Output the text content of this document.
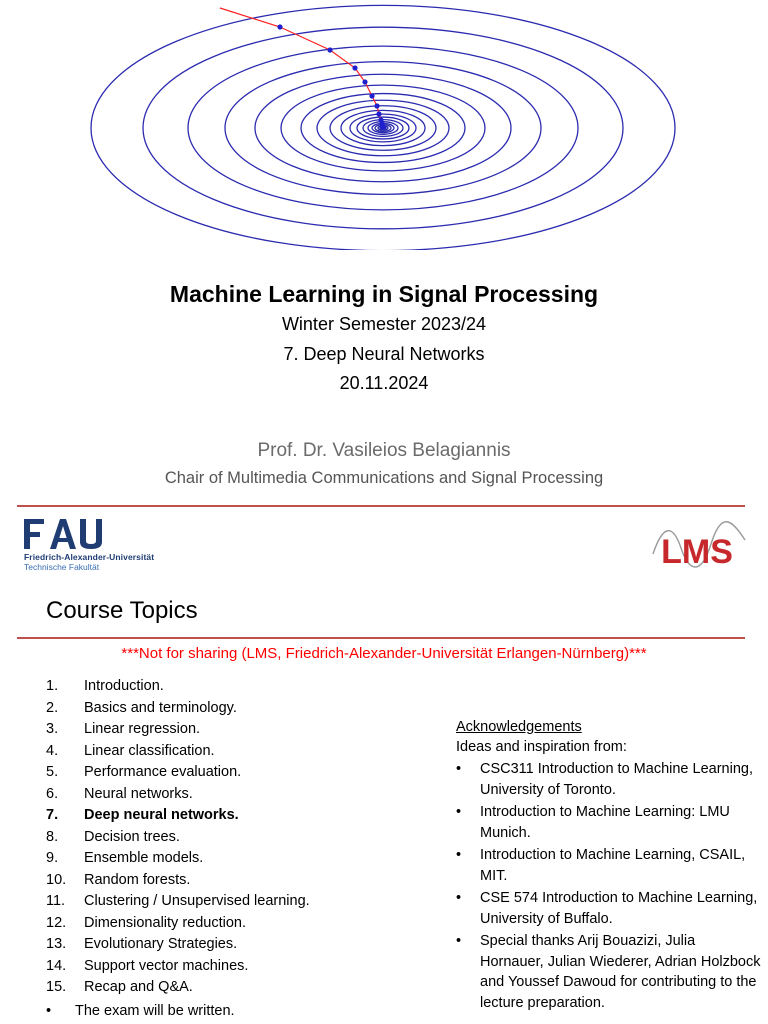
Machine Learning in Signal Processing
Winter Semester 2023/24
7. Deep Neural Networks
20.11.2024
Prof. Dr. Vasileios Belagiannis
Chair of Multimedia Communications and Signal Processing
Friedrich-Alexander-Universität
Technische Fakultät	LMS
Course Topics
***Not for sharing (LMS, Friedrich-Alexander-Universität Erlangen-Nürnberg)***
1.	Introduction.
2.	Basics and terminology.
3.	Linear regression.
4.	Linear classification.
5.	Performance evaluation.
6.	Neural networks.
7.	Deep neural networks.
8.	Decision trees.
9.	Ensemble models.
10.	Random forests.
11.	Clustering / Unsupervised learning.
12.	Dimensionality reduction.
13.	Evolutionary Strategies.
14.	Support vector machines.
15.	Recap and Q&A.
• The exam will be written.
Acknowledgements
Ideas and inspiration from:
•	CSC311 Introduction to Machine Learning, University of Toronto.
•	Introduction to Machine Learning: LMU Munich.
•	Introduction to Machine Learning, CSAIL, MIT.
•	CSE 574 Introduction to Machine Learning, University of Buffalo.
•	Special thanks Arij Bouazizi, Julia Hornauer, Julian Wiederer, Adrian Holzbock and Youssef Dawoud for contributing to the lecture preparation.
